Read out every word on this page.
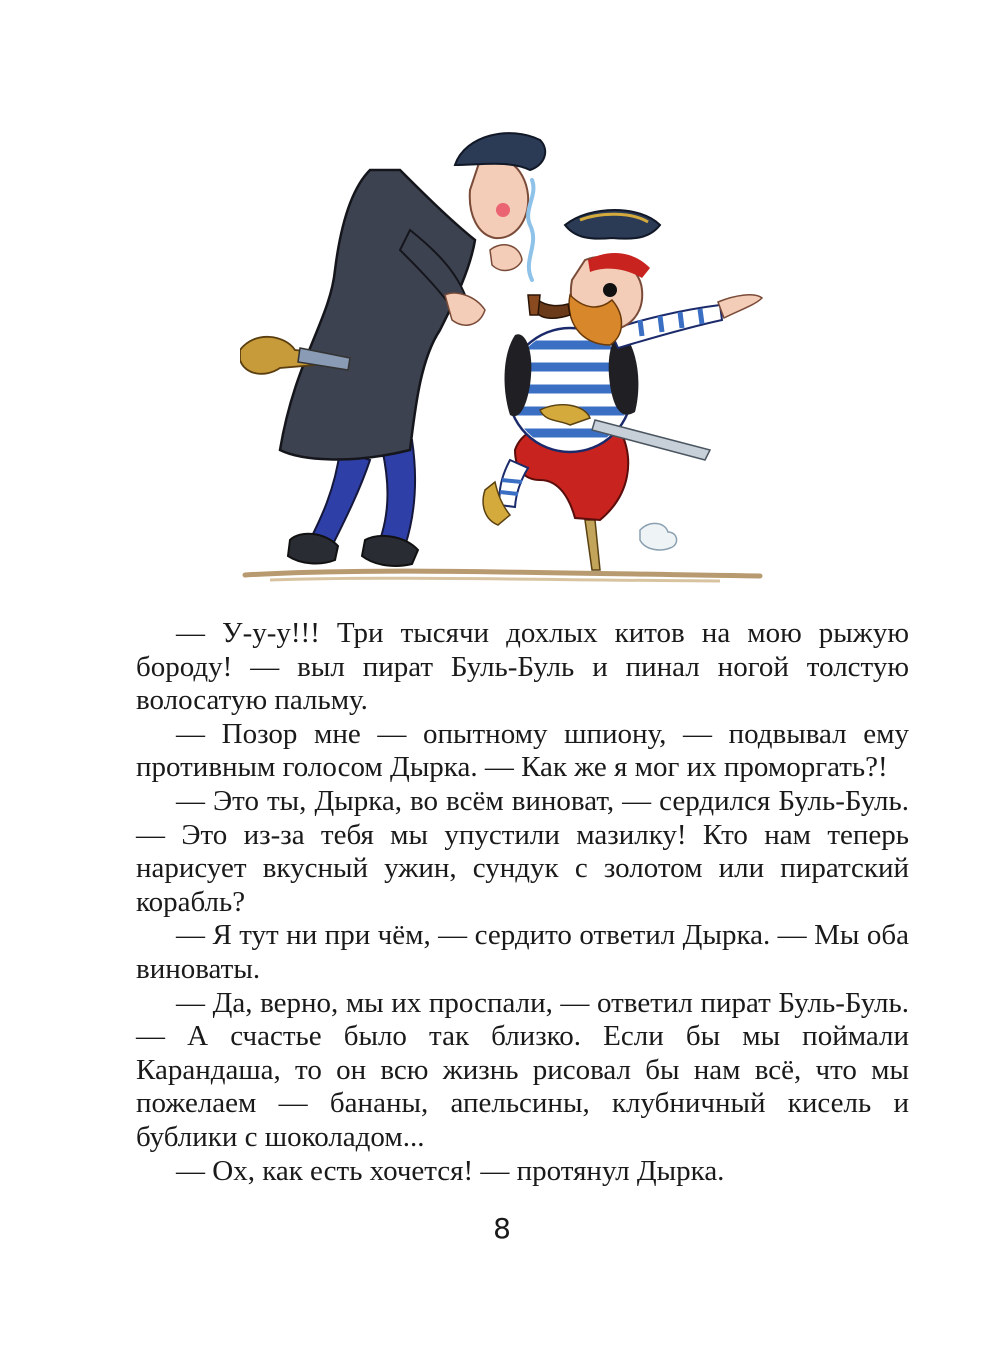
— У-у-у!!! Три тысячи дохлых китов на мою рыжую бороду! — выл пират Буль-Буль и пинал ногой толстую волосатую пальму.

— Позор мне — опытному шпиону, — подвывал ему противным голосом Дырка. — Как же я мог их проморгать?!

— Это ты, Дырка, во всём виноват, — сердился Буль-Буль. — Это из-за тебя мы упустили мазилку! Кто нам теперь нарисует вкусный ужин, сундук с золотом или пиратский корабль?

— Я тут ни при чём, — сердито ответил Дырка. — Мы оба виноваты.

— Да, верно, мы их проспали, — ответил пират Буль-Буль. — А счастье было так близко. Если бы мы поймали Карандаша, то он всю жизнь рисовал бы нам всё, что мы пожелаем — бананы, апельсины, клубничный кисель и бублики с шоколадом...

— Ох, как есть хочется! — протянул Дырка.

8
